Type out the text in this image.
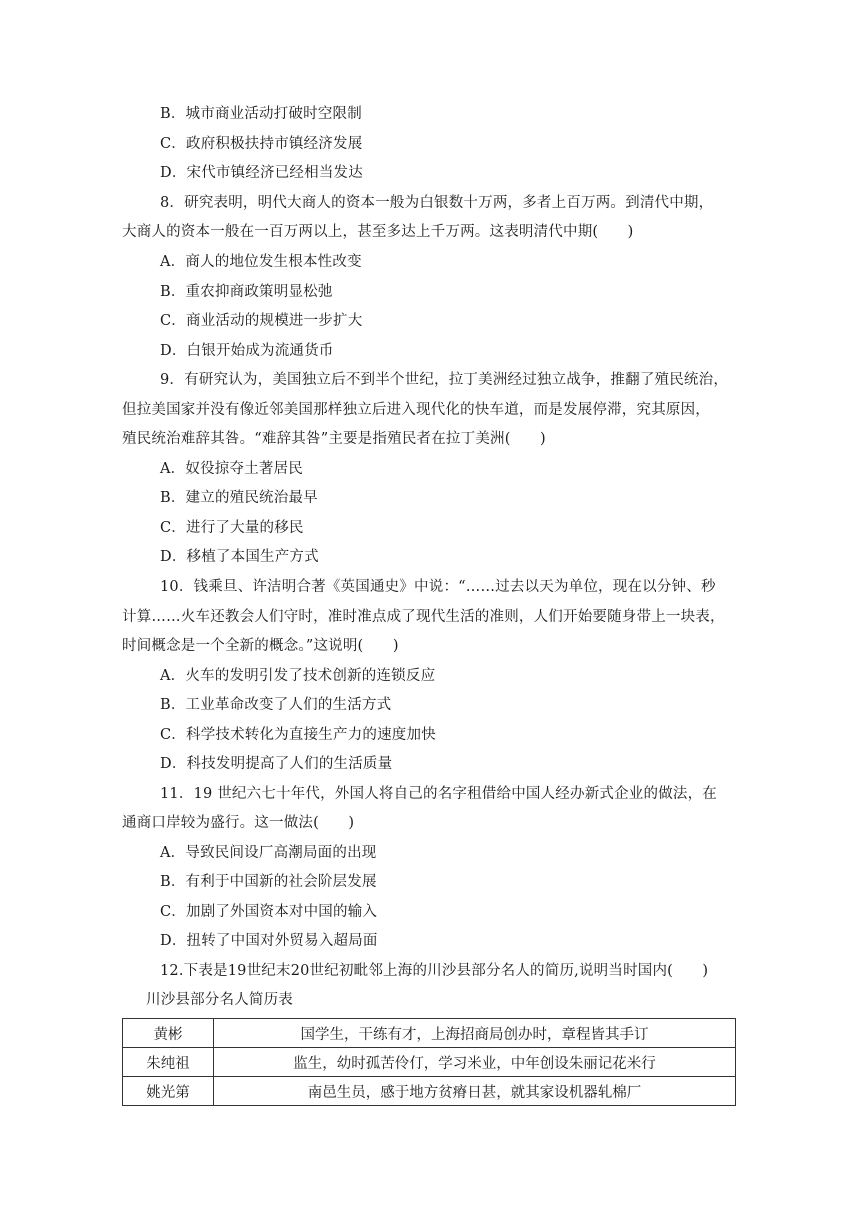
B．城市商业活动打破时空限制
C．政府积极扶持市镇经济发展
D．宋代市镇经济已经相当发达
8．研究表明，明代大商人的资本一般为白银数十万两，多者上百万两。到清代中期，
大商人的资本一般在一百万两以上，甚至多达上千万两。这表明清代中期(　　)
A．商人的地位发生根本性改变
B．重农抑商政策明显松弛
C．商业活动的规模进一步扩大
D．白银开始成为流通货币
9．有研究认为，美国独立后不到半个世纪，拉丁美洲经过独立战争，推翻了殖民统治，
但拉美国家并没有像近邻美国那样独立后进入现代化的快车道，而是发展停滞，究其原因，
殖民统治难辞其咎。“难辞其咎”主要是指殖民者在拉丁美洲(　　)
A．奴役掠夺土著居民
B．建立的殖民统治最早
C．进行了大量的移民
D．移植了本国生产方式
10．钱乘旦、许洁明合著《英国通史》中说：“……过去以天为单位，现在以分钟、秒
计算……火车还教会人们守时，准时准点成了现代生活的准则，人们开始要随身带上一块表，
时间概念是一个全新的概念。”这说明(　　)
A．火车的发明引发了技术创新的连锁反应
B．工业革命改变了人们的生活方式
C．科学技术转化为直接生产力的速度加快
D．科技发明提高了人们的生活质量
11．19 世纪六七十年代，外国人将自己的名字租借给中国人经办新式企业的做法，在
通商口岸较为盛行。这一做法(　　)
A．导致民间设厂高潮局面的出现
B．有利于中国新的社会阶层发展
C．加剧了外国资本对中国的输入
D．扭转了中国对外贸易入超局面
12.下表是19世纪末20世纪初毗邻上海的川沙县部分名人的简历,说明当时国内(　　)
川沙县部分名人简历表
黄彬	国学生，干练有才，上海招商局创办时，章程皆其手订
朱纯祖	监生，幼时孤苦伶仃，学习米业，中年创设朱丽记花米行
姚光第	南邑生员，感于地方贫瘠日甚，就其家设机器轧棉厂
